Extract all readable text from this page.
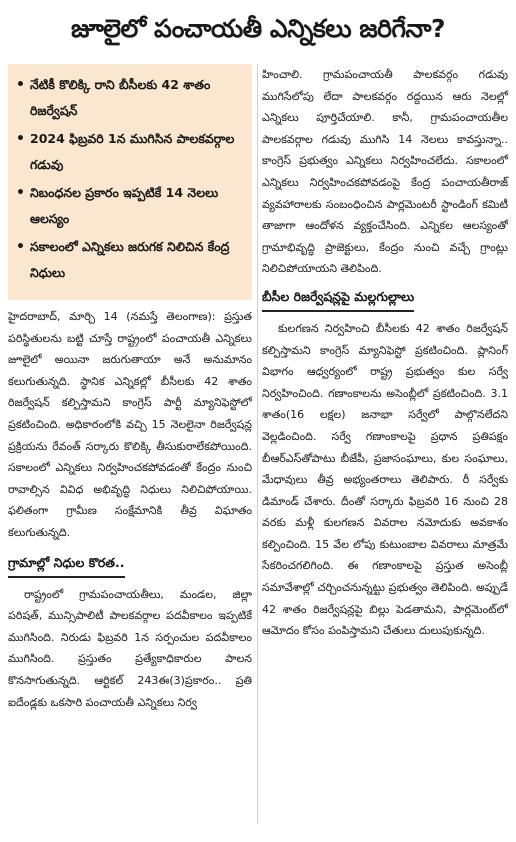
జూలైలో పంచాయతీ ఎన్నికలు జరిగేనా?
• నేటికీ కొలిక్కి రాని బీసీలకు 42 శాతం రిజర్వేషన్
• 2024 ఫిబ్రవరి 1న ముగిసిన పాలకవర్గాల గడువు
• నిబంధనల ప్రకారం ఇప్పటికే 14 నెలలు ఆలస్యం
• సకాలంలో ఎన్నికలు జరుగక నిలిచిన కేంద్ర నిధులు

హైదరాబాద్, మార్చి 14 (నమస్తే తెలంగాణ): ప్రస్తుత పరిస్థితులను బట్టి చూస్తే రాష్ట్రంలో పంచాయతీ ఎన్నికలు జూలైలో అయినా జరుగుతాయా అనే అనుమానం కలుగుతున్నది. స్థానిక ఎన్నికల్లో బీసీలకు 42 శాతం రిజర్వేషన్ కల్పిస్తామని కాంగ్రెస్ పార్టీ మ్యానిఫెస్టోలో ప్రకటించింది. అధికారంలోకి వచ్చి 15 నెలలైనా రిజర్వేషన్ల ప్రక్రియను రేవంత్ సర్కారు కొలిక్కి తీసుకురాలేకపోయింది. సకాలంలో ఎన్నికలు నిర్వహించకపోవడంతో కేంద్రం నుంచి రావాల్సిన వివిధ అభివృద్ధి నిధులు నిలిచిపోయాయి. ఫలితంగా గ్రామీణ సంక్షేమానికి తీవ్ర విఘాతం కలుగుతున్నది.

గ్రామాల్లో నిధుల కొరత..

రాష్ట్రంలో గ్రామపంచాయతీలు, మండల, జిల్లా పరిషత్, మున్సిపాలిటీ పాలకవర్గాల పదవీకాలం ఇప్పటికే ముగిసింది. నిరుడు ఫిబ్రవరి 1న సర్పంచుల పదవీకాలం ముగిసింది. ప్రస్తుతం ప్రత్యేకాధికారుల పాలన కొనసాగుతున్నది. ఆర్టికల్ 243ఈ(3)ప్రకారం.. ప్రతి ఐదేండ్లకు ఒకసారి పంచాయతీ ఎన్నికలు నిర్వ

హించాలి. గ్రామపంచాయతీ పాలకవర్గం గడువు ముగిసేలోపు లేదా పాలకవర్గం రద్దయిన ఆరు నెలల్లో ఎన్నికలు పూర్తిచేయాలి. కానీ, గ్రామపంచాయతీల పాలకవర్గాల గడువు ముగిసి 14 నెలలు కావస్తున్నా.. కాంగ్రెస్ ప్రభుత్వం ఎన్నికలు నిర్వహించలేదు. సకాలంలో ఎన్నికలు నిర్వహించకపోవడంపై కేంద్ర పంచాయతీరాజ్ వ్యవహారాలకు సంబంధించిన పార్లమెంటరీ స్టాండింగ్ కమిటీ తాజాగా ఆందోళన వ్యక్తంచేసింది. ఎన్నికల ఆలస్యంతో గ్రామాభివృద్ధి ప్రాజెక్టులు, కేంద్రం నుంచి వచ్చే గ్రాంట్లు నిలిచిపోయాయని తెలిపింది.

బీసీల రిజర్వేషన్లపై మల్లగుల్లాలు

కులగణన నిర్వహించి బీసీలకు 42 శాతం రిజర్వేషన్ కల్పిస్తామని కాంగ్రెస్ మ్యానిఫెస్టో ప్రకటించింది. ప్లానింగ్ విభాగం ఆధ్వర్యంలో రాష్ట్ర ప్రభుత్వం కుల సర్వే నిర్వహించింది. గణాంకాలను అసెంబ్లీలో ప్రకటించింది. 3.1 శాతం(16 లక్షల) జనాభా సర్వేలో పాల్గొనలేదని వెల్లడించింది. సర్వే గణాంకాలపై ప్రధాన ప్రతిపక్షం బీఆర్‌ఎస్‌తోపాటు బీజేపీ, ప్రజాసంఘాలు, కుల సంఘాలు, మేధావులు తీవ్ర అభ్యంతరాలు తెలిపారు. రీ సర్వేకు డిమాండ్ చేశారు. దీంతో సర్కారు ఫిబ్రవరి 16 నుంచి 28 వరకు మళ్లీ కులగణన వివరాల నమోదుకు అవకాశం కల్పించింది. 15 వేల లోపు కుటుంబాల వివరాలు మాత్రమే సేకరించగలిగింది. ఈ గణాంకాలపై ప్రస్తుత అసెంబ్లీ సమావేశాల్లో చర్చించనున్నట్టు ప్రభుత్వం తెలిపింది. అప్పుడే 42 శాతం రిజర్వేషన్లపై బిల్లు పెడతామని, పార్లమెంట్‌లో ఆమోదం కోసం పంపిస్తామని చేతులు దులుపుకున్నది.
